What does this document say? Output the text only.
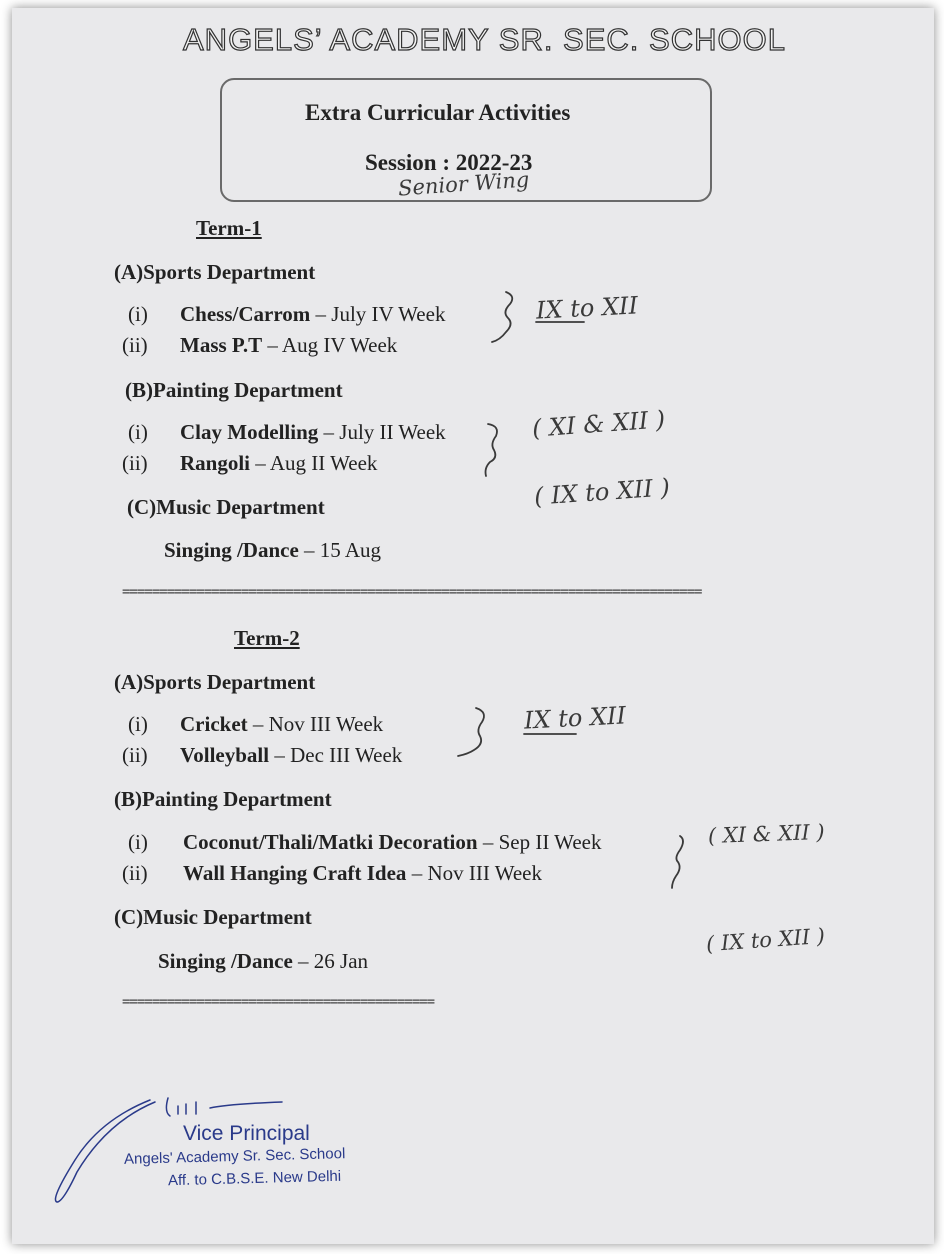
ANGELS’ ACADEMY SR. SEC. SCHOOL
Extra Curricular Activities
Session : 2022-23
Senior Wing
Term-1
(A)Sports Department
(i) Chess/Carrom – July IV Week
(ii) Mass P.T – Aug IV Week
IX to XII
(B)Painting Department
(i) Clay Modelling – July II Week
(ii) Rangoli – Aug II Week
( XI & XII )
(C)Music Department
Singing /Dance – 15 Aug
( IX to XII )
==============================================================================
Term-2
(A)Sports Department
(i) Cricket – Nov III Week
(ii) Volleyball – Dec III Week
IX to XII
(B)Painting Department
(i) Coconut/Thali/Matki Decoration – Sep II Week
(ii) Wall Hanging Craft Idea – Nov III Week
( XI & XII )
(C)Music Department
Singing /Dance – 26 Jan
( IX to XII )
==========================================
Vice Principal
Angels' Academy Sr. Sec. School
Aff. to C.B.S.E. New Delhi
